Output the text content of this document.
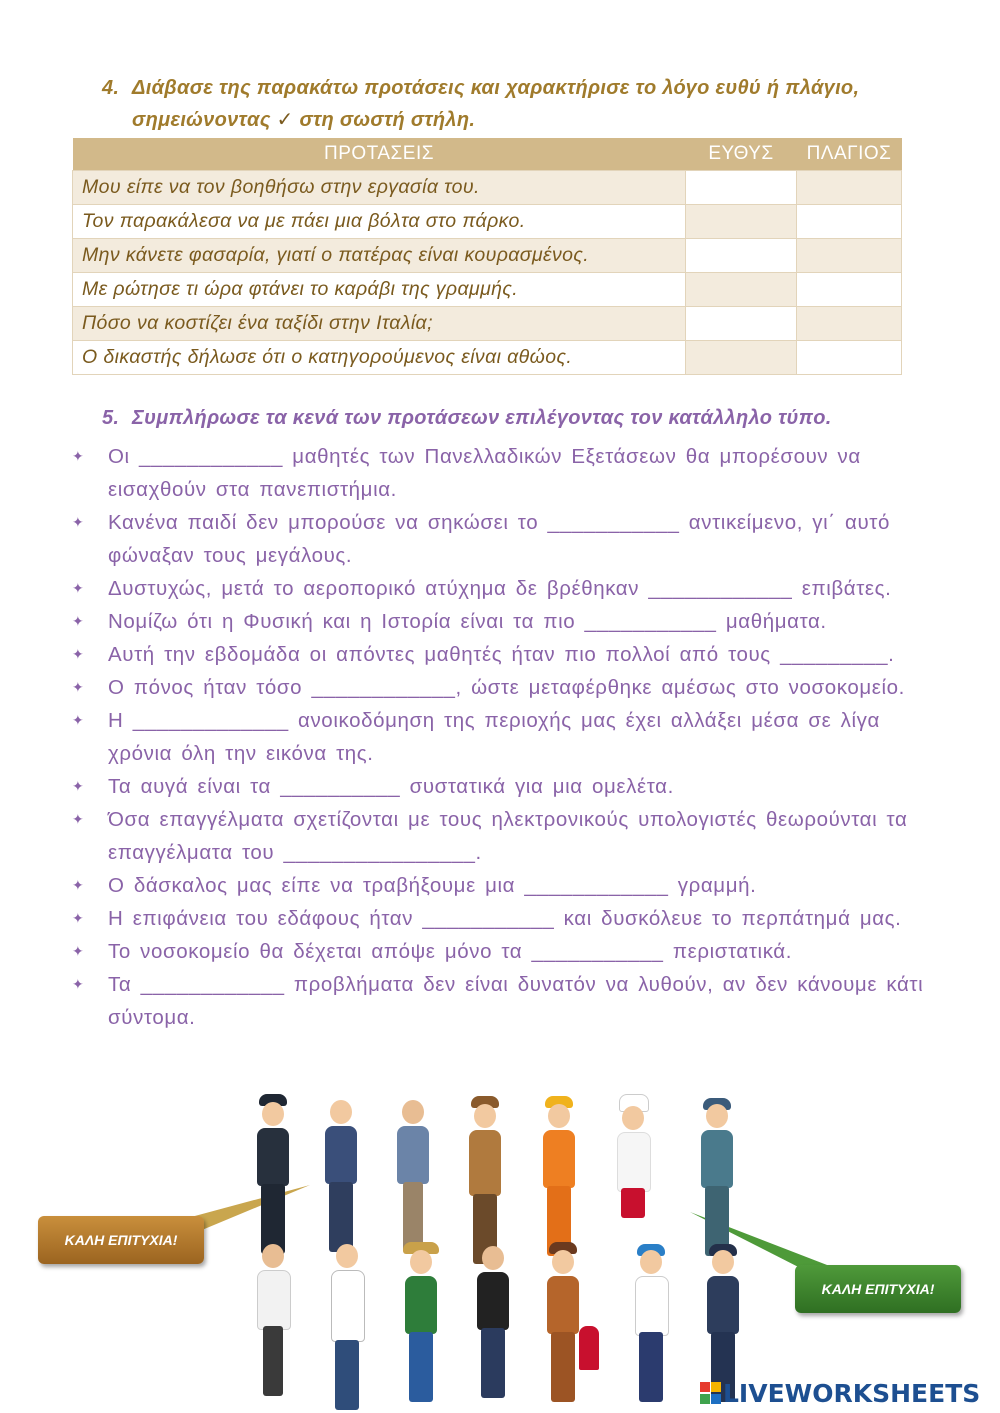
4. Διάβασε της παρακάτω προτάσεις και χαρακτήρισε το λόγο ευθύ ή πλάγιο,
σημειώνοντας ✓ στη σωστή στήλη.
ΠΡΟΤΑΣΕΙΣ	ΕΥΘΥΣ	ΠΛΑΓΙΟΣ
Μου είπε να τον βοηθήσω στην εργασία του.		
Τον παρακάλεσα να με πάει μια βόλτα στο πάρκο.		
Μην κάνετε φασαρία, γιατί ο πατέρας είναι κουρασμένος.		
Με ρώτησε τι ώρα φτάνει το καράβι της γραμμής.		
Πόσο να κοστίζει ένα ταξίδι στην Ιταλία;		
Ο δικαστής δήλωσε ότι ο κατηγορούμενος είναι αθώος.		
5. Συμπλήρωσε τα κενά των προτάσεων επιλέγοντας τον κατάλληλο τύπο.
✦ Οι ____________ μαθητές των Πανελλαδικών Εξετάσεων θα μπορέσουν να εισαχθούν στα πανεπιστήμια.
✦ Κανένα παιδί δεν μπορούσε να σηκώσει το ___________ αντικείμενο, γι΄ αυτό φώναξαν τους μεγάλους.
✦ Δυστυχώς, μετά το αεροπορικό ατύχημα δε βρέθηκαν ____________ επιβάτες.
✦ Νομίζω ότι η Φυσική και η Ιστορία είναι τα πιο ___________ μαθήματα.
✦ Αυτή την εβδομάδα οι απόντες μαθητές ήταν πιο πολλοί από τους _________.
✦ Ο πόνος ήταν τόσο ____________, ώστε μεταφέρθηκε αμέσως στο νοσοκομείο.
✦ Η _____________ ανοικοδόμηση της περιοχής μας έχει αλλάξει μέσα σε λίγα χρόνια όλη την εικόνα της.
✦ Τα αυγά είναι τα __________ συστατικά για μια ομελέτα.
✦ Όσα επαγγέλματα σχετίζονται με τους ηλεκτρονικούς υπολογιστές θεωρούνται τα επαγγέλματα του ________________.
✦ Ο δάσκαλος μας είπε να τραβήξουμε μια ____________ γραμμή.
✦ Η επιφάνεια του εδάφους ήταν ___________ και δυσκόλευε το περπάτημά μας.
✦ Το νοσοκομείο θα δέχεται απόψε μόνο τα ___________ περιστατικά.
✦ Τα ____________ προβλήματα δεν είναι δυνατόν να λυθούν, αν δεν κάνουμε κάτι σύντομα.
ΚΑΛΗ ΕΠΙΤΥΧΙΑ!
ΚΑΛΗ ΕΠΙΤΥΧΙΑ!
LIVEWORKSHEETS
